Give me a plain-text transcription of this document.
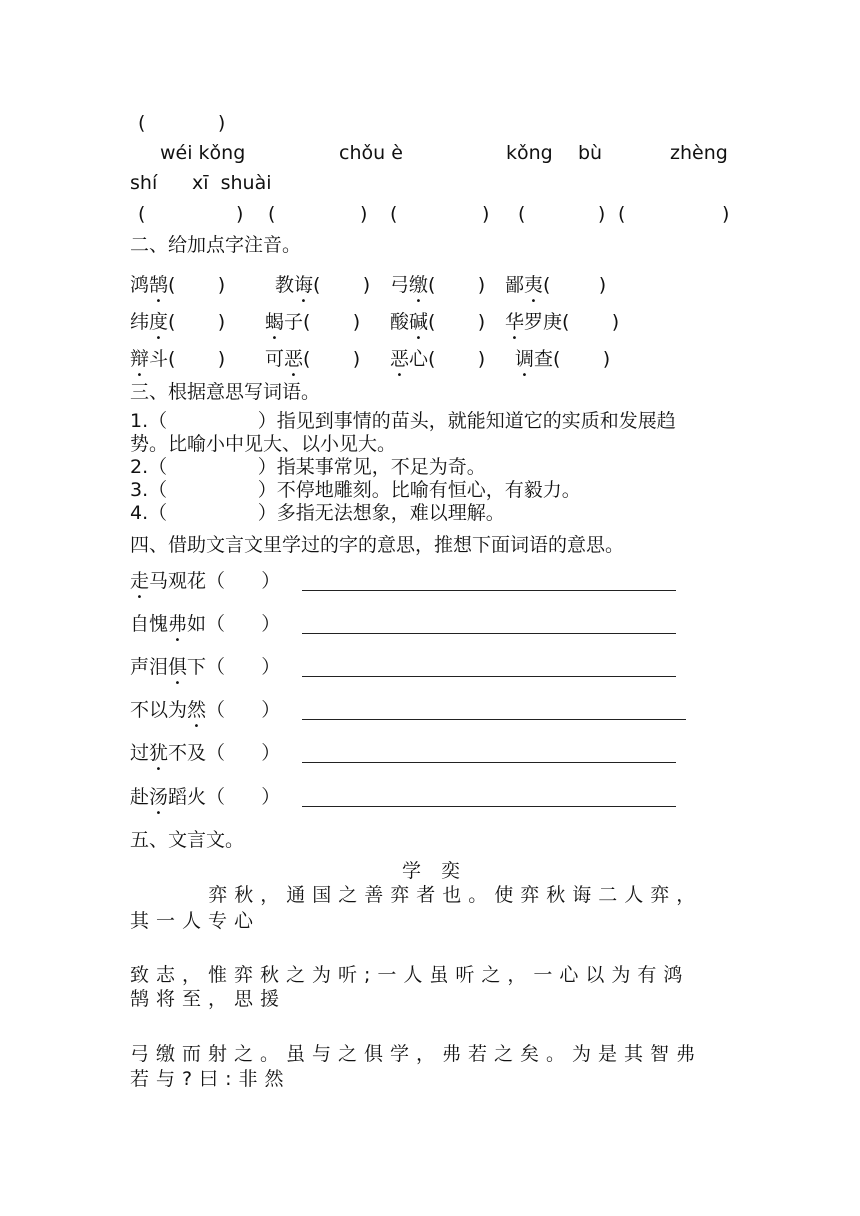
(            )
wéi kǒng	chǒu è	kǒng bù	zhèng
shí xī  shuài
(               ) (              ) (              ) (            ) (                )
二、给加点字注音。
鸿鹄(       )	教诲(       ) 弓缴(       ) 鄙夷(        )
纬度(       ) 蝎子(       ) 酸碱(       ) 华罗庚(       )
辩斗(       ) 可恶(       ) 恶心(       ) 调查(       )
三、根据意思写词语。
1.（               ）指见到事情的苗头，就能知道它的实质和发展趋
势。比喻小中见大、以小见大。
2.（               ）指某事常见，不足为奇。
3.（               ）不停地雕刻。比喻有恒心，有毅力。
4.（               ）多指无法想象，难以理解。
四、借助文言文里学过的字的意思，推想下面词语的意思。
走马观花（      ）
自愧弗如（      ）
声泪俱下（      ）
不以为然（      ）
过犹不及（      ）
赴汤蹈火（      ）
五、文言文。
学 奕
弈秋，通国之善弈者也。使弈秋诲二人弈，
其一人专心
致志，惟弈秋之为听;一人虽听之，一心以为有鸿
鹄将至，思援
弓缴而射之。虽与之俱学，弗若之矣。为是其智弗
若与?曰:非然
